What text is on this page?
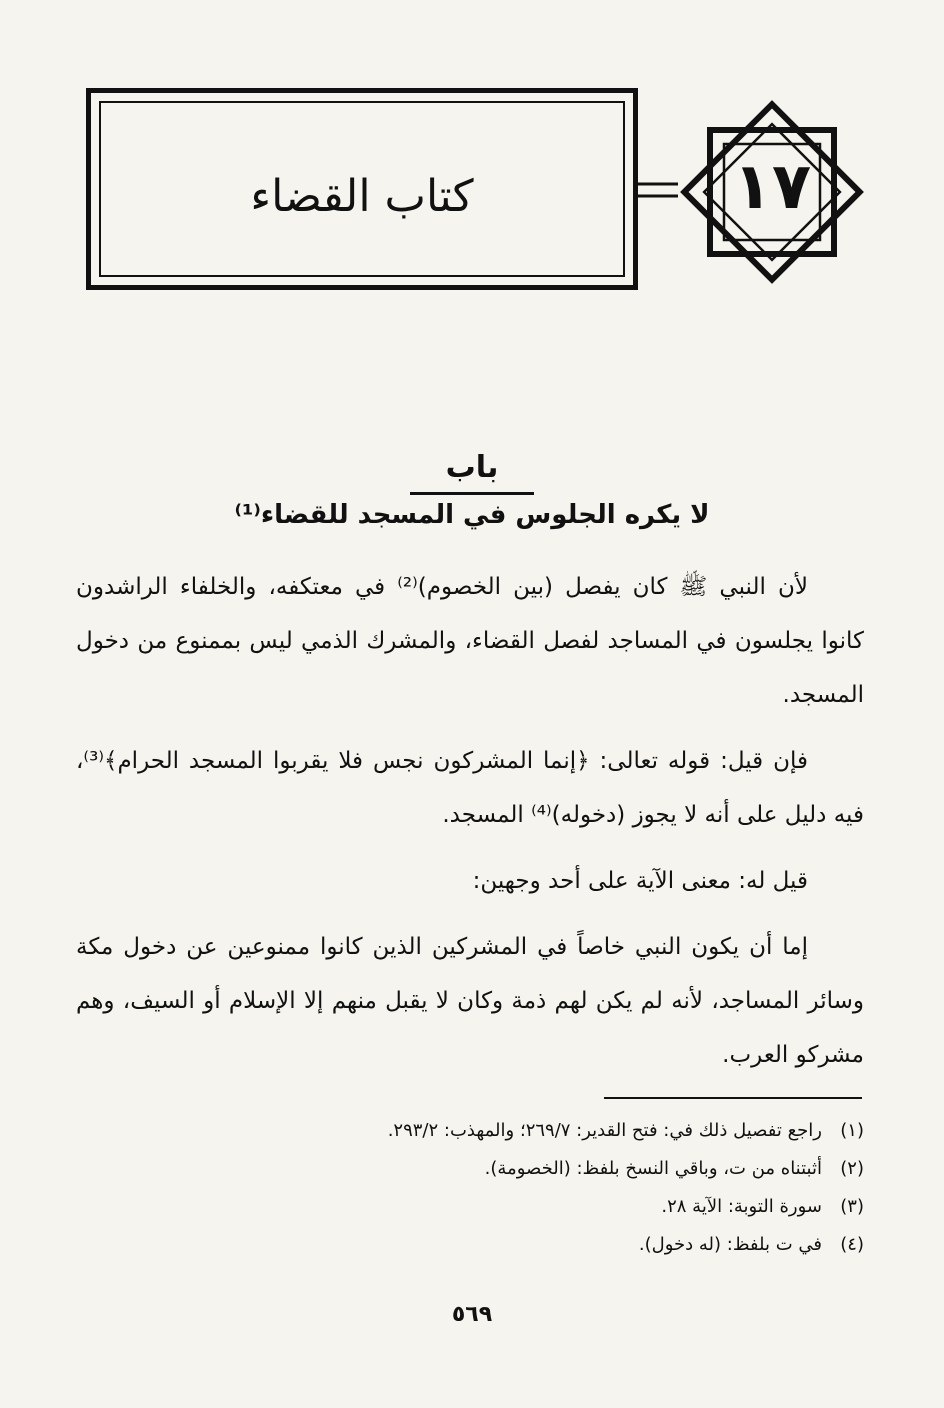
كتاب القضاء	١٧
باب
لا يكره الجلوس في المسجد للقضاء⁽¹⁾

لأن النبي ﷺ كان يفصل (بين الخصوم)⁽²⁾ في معتكفه، والخلفاء الراشدون كانوا يجلسون في المساجد لفصل القضاء، والمشرك الذمي ليس بممنوع من دخول المسجد.

فإن قيل: قوله تعالى: ﴿إنما المشركون نجس فلا يقربوا المسجد الحرام﴾⁽³⁾، فيه دليل على أنه لا يجوز (دخوله)⁽⁴⁾ المسجد.

قيل له: معنى الآية على أحد وجهين:

إما أن يكون النبي خاصاً في المشركين الذين كانوا ممنوعين عن دخول مكة وسائر المساجد، لأنه لم يكن لهم ذمة وكان لا يقبل منهم إلا الإسلام أو السيف، وهم مشركو العرب.

(١)راجع تفصيل ذلك في: فتح القدير: ٢٦٩/٧؛ والمهذب: ٢٩٣/٢.
(٢)أثبتناه من ت، وباقي النسخ بلفظ: (الخصومة).
(٣)سورة التوبة: الآية ٢٨.
(٤)في ت بلفظ: (له دخول).
٥٦٩
